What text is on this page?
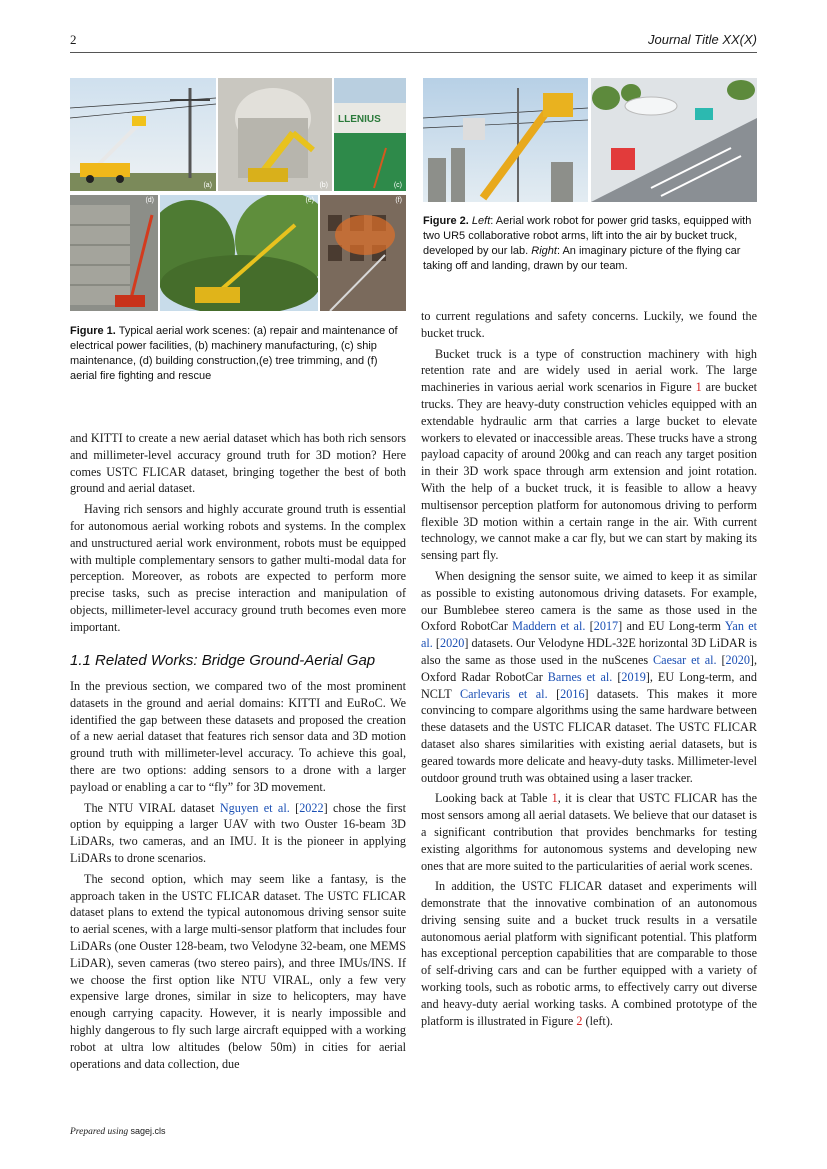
2	Journal Title XX(X)
(a)	(b)
LLENIUS
(c)
(d)	(e)	(f)
Figure 2. Left: Aerial work robot for power grid tasks, equipped with two UR5 collaborative robot arms, lift into the air by bucket truck, developed by our lab. Right: An imaginary picture of the flying car taking off and landing, drawn by our team.
Figure 1. Typical aerial work scenes: (a) repair and maintenance of electrical power facilities, (b) machinery manufacturing, (c) ship maintenance, (d) building construction,(e) tree trimming, and (f) aerial fire fighting and rescue

and KITTI to create a new aerial dataset which has both rich sensors and millimeter-level accuracy ground truth for 3D motion? Here comes USTC FLICAR dataset, bringing together the best of both ground and aerial dataset.

Having rich sensors and highly accurate ground truth is essential for autonomous aerial working robots and systems. In the complex and unstructured aerial work environment, robots must be equipped with multiple complementary sensors to gather multi-modal data for perception. Moreover, as robots are expected to perform more precise tasks, such as precise interaction and manipulation of objects, millimeter-level accuracy ground truth becomes even more important.

1.1 Related Works: Bridge Ground-Aerial Gap

In the previous section, we compared two of the most prominent datasets in the ground and aerial domains: KITTI and EuRoC. We identified the gap between these datasets and proposed the creation of a new aerial dataset that features rich sensor data and 3D motion ground truth with millimeter-level accuracy. To achieve this goal, there are two options: adding sensors to a drone with a larger payload or enabling a car to “fly” for 3D movement.

The NTU VIRAL dataset Nguyen et al. [2022] chose the first option by equipping a larger UAV with two Ouster 16-beam 3D LiDARs, two cameras, and an IMU. It is the pioneer in applying LiDARs to drone scenarios.

The second option, which may seem like a fantasy, is the approach taken in the USTC FLICAR dataset. The USTC FLICAR dataset plans to extend the typical autonomous driving sensor suite to aerial scenes, with a large multi-sensor platform that includes four LiDARs (one Ouster 128-beam, two Velodyne 32-beam, one MEMS LiDAR), seven cameras (two stereo pairs), and three IMUs/INS. If we choose the first option like NTU VIRAL, only a few very expensive large drones, similar in size to helicopters, may have enough carrying capacity. However, it is nearly impossible and highly dangerous to fly such large aircraft equipped with a working robot at ultra low altitudes (below 50m) in cities for aerial operations and data collection, due

to current regulations and safety concerns. Luckily, we found the bucket truck.

Bucket truck is a type of construction machinery with high retention rate and are widely used in aerial work. The large machineries in various aerial work scenarios in Figure 1 are bucket trucks. They are heavy-duty construction vehicles equipped with an extendable hydraulic arm that carries a large bucket to elevate workers to elevated or inaccessible areas. These trucks have a strong payload capacity of around 200kg and can reach any target position in their 3D work space through arm extension and joint rotation. With the help of a bucket truck, it is feasible to allow a heavy multisensor perception platform for autonomous driving to perform flexible 3D motion within a certain range in the air. With current technology, we cannot make a car fly, but we can start by making its sensing part fly.

When designing the sensor suite, we aimed to keep it as similar as possible to existing autonomous driving datasets. For example, our Bumblebee stereo camera is the same as those used in the Oxford RobotCar Maddern et al. [2017] and EU Long-term Yan et al. [2020] datasets. Our Velodyne HDL-32E horizontal 3D LiDAR is also the same as those used in the nuScenes Caesar et al. [2020], Oxford Radar RobotCar Barnes et al. [2019], EU Long-term, and NCLT Carlevaris et al. [2016] datasets. This makes it more convincing to compare algorithms using the same hardware between these datasets and the USTC FLICAR dataset. The USTC FLICAR dataset also shares similarities with existing aerial datasets, but is geared towards more delicate and heavy-duty tasks. Millimeter-level outdoor ground truth was obtained using a laser tracker.

Looking back at Table 1, it is clear that USTC FLICAR has the most sensors among all aerial datasets. We believe that our dataset is a significant contribution that provides benchmarks for testing existing algorithms for autonomous systems and developing new ones that are more suited to the particularities of aerial work scenes.

In addition, the USTC FLICAR dataset and experiments will demonstrate that the innovative combination of an autonomous driving sensing suite and a bucket truck results in a versatile autonomous aerial platform with significant potential. This platform has exceptional perception capabilities that are comparable to those of self-driving cars and can be further equipped with a variety of working tools, such as robotic arms, to effectively carry out diverse and heavy-duty aerial working tasks. A combined prototype of the platform is illustrated in Figure 2 (left).

Prepared using sagej.cls
